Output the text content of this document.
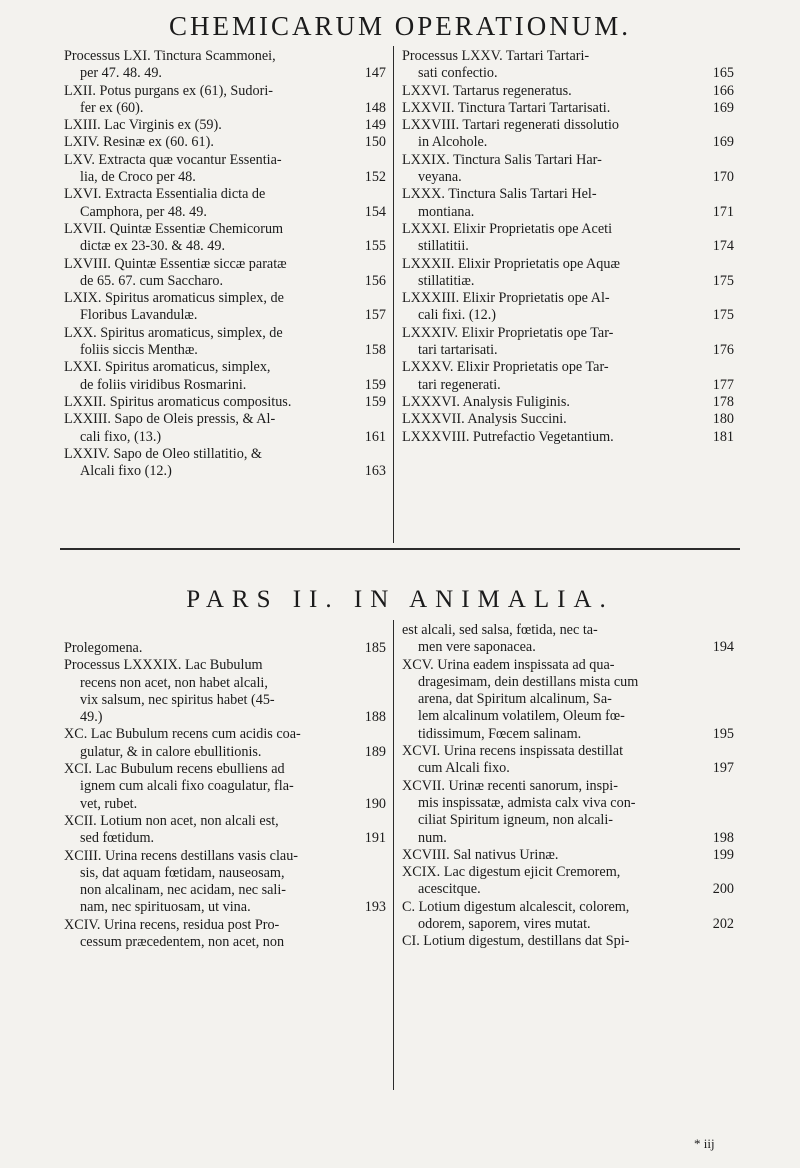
CHEMICARUM OPERATIONUM.
Processus LXI. Tinctura Scammonei,
per 47. 48. 49.	147
LXII. Potus purgans ex (61), Sudori-
fer ex (60).	148
LXIII. Lac Virginis ex (59).	149
LXIV. Resinæ ex (60. 61).	150
LXV. Extracta quæ vocantur Essentia-
lia, de Croco per 48.	152
LXVI. Extracta Essentialia dicta de
Camphora, per 48. 49.	154
LXVII. Quintæ Essentiæ Chemicorum
dictæ ex 23-30. & 48. 49.	155
LXVIII. Quintæ Essentiæ siccæ paratæ
de 65. 67. cum Saccharo.	156
LXIX. Spiritus aromaticus simplex, de
Floribus Lavandulæ.	157
LXX. Spiritus aromaticus, simplex, de
foliis siccis Menthæ.	158
LXXI. Spiritus aromaticus, simplex,
de foliis viridibus Rosmarini.	159
LXXII. Spiritus aromaticus compositus.	159
LXXIII. Sapo de Oleis pressis, & Al-
cali fixo, (13.)	161
LXXIV. Sapo de Oleo stillatitio, &
Alcali fixo (12.)	163
Processus LXXV. Tartari Tartari-
sati confectio.	165
LXXVI. Tartarus regeneratus.	166
LXXVII. Tinctura Tartari Tartarisati.	169
LXXVIII. Tartari regenerati dissolutio
in Alcohole.	169
LXXIX. Tinctura Salis Tartari Har-
veyana.	170
LXXX. Tinctura Salis Tartari Hel-
montiana.	171
LXXXI. Elixir Proprietatis ope Aceti
stillatitii.	174
LXXXII. Elixir Proprietatis ope Aquæ
stillatitiæ.	175
LXXXIII. Elixir Proprietatis ope Al-
cali fixi. (12.)	175
LXXXIV. Elixir Proprietatis ope Tar-
tari tartarisati.	176
LXXXV. Elixir Proprietatis ope Tar-
tari regenerati.	177
LXXXVI. Analysis Fuliginis.	178
LXXXVII. Analysis Succini.	180
LXXXVIII. Putrefactio Vegetantium.	181
PARS II. IN ANIMALIA.
Prolegomena.	185
Processus LXXXIX. Lac Bubulum
recens non acet, non habet alcali,
vix salsum, nec spiritus habet (45-
49.)	188
XC. Lac Bubulum recens cum acidis coa-
gulatur, & in calore ebullitionis.	189
XCI. Lac Bubulum recens ebulliens ad
ignem cum alcali fixo coagulatur, fla-
vet, rubet.	190
XCII. Lotium non acet, non alcali est,
sed fœtidum.	191
XCIII. Urina recens destillans vasis clau-
sis, dat aquam fœtidam, nauseosam,
non alcalinam, nec acidam, nec sali-
nam, nec spirituosam, ut vina.	193
XCIV. Urina recens, residua post Pro-
cessum præcedentem, non acet, non
est alcali, sed salsa, fœtida, nec ta-
men vere saponacea.	194
XCV. Urina eadem inspissata ad qua-
dragesimam, dein destillans mista cum
arena, dat Spiritum alcalinum, Sa-
lem alcalinum volatilem, Oleum fœ-
tidissimum, Fœcem salinam.	195
XCVI. Urina recens inspissata destillat
cum Alcali fixo.	197
XCVII. Urinæ recenti sanorum, inspi-
mis inspissatæ, admista calx viva con-
ciliat Spiritum igneum, non alcali-
num.	198
XCVIII. Sal nativus Urinæ.	199
XCIX. Lac digestum ejicit Cremorem,
acescitque.	200
C. Lotium digestum alcalescit, colorem,
odorem, saporem, vires mutat.	202
CI. Lotium digestum, destillans dat Spi-
* iij
